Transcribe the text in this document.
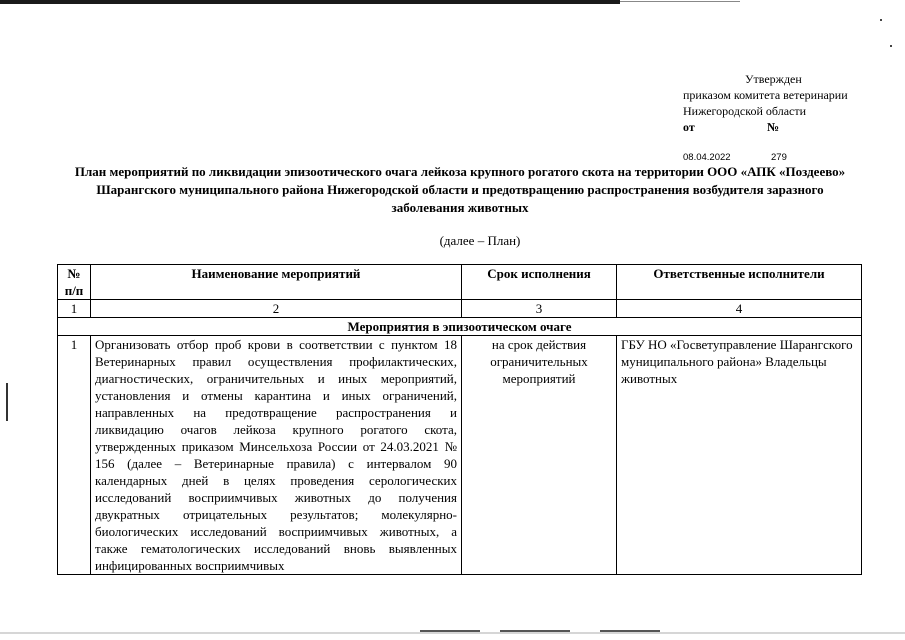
Утвержден
приказом комитета ветеринарии
Нижегородской области
от	№
08.04.2022	279
План мероприятий по ликвидации эпизоотического очага лейкоза крупного рогатого скота на территории ООО «АПК «Поздеево» Шарангского муниципального района Нижегородской области и предотвращению распространения возбудителя заразного заболевания животных
(далее – План)
№ п/п	Наименование мероприятий	Срок исполнения	Ответственные исполнители
1	2	3	4
Мероприятия в эпизоотическом очаге			
1	Организовать отбор проб крови в соответствии с пунктом 18 Ветеринарных правил осуществления профилактических, диагностических, ограничительных и иных мероприятий, установления и отмены карантина и иных ограничений, направленных на предотвращение распространения и ликвидацию очагов лейкоза крупного рогатого скота, утвержденных приказом Минсельхоза России от 24.03.2021 № 156 (далее – Ветеринарные правила) с интервалом 90 календарных дней в целях проведения серологических исследований восприимчивых животных до получения двукратных отрицательных результатов; молекулярно-биологических исследований восприимчивых животных, а также гематологических исследований вновь выявленных инфицированных восприимчивых	на срок действия ограничительных мероприятий	ГБУ НО «Госветуправление Шарангского муниципального района» Владельцы животных
